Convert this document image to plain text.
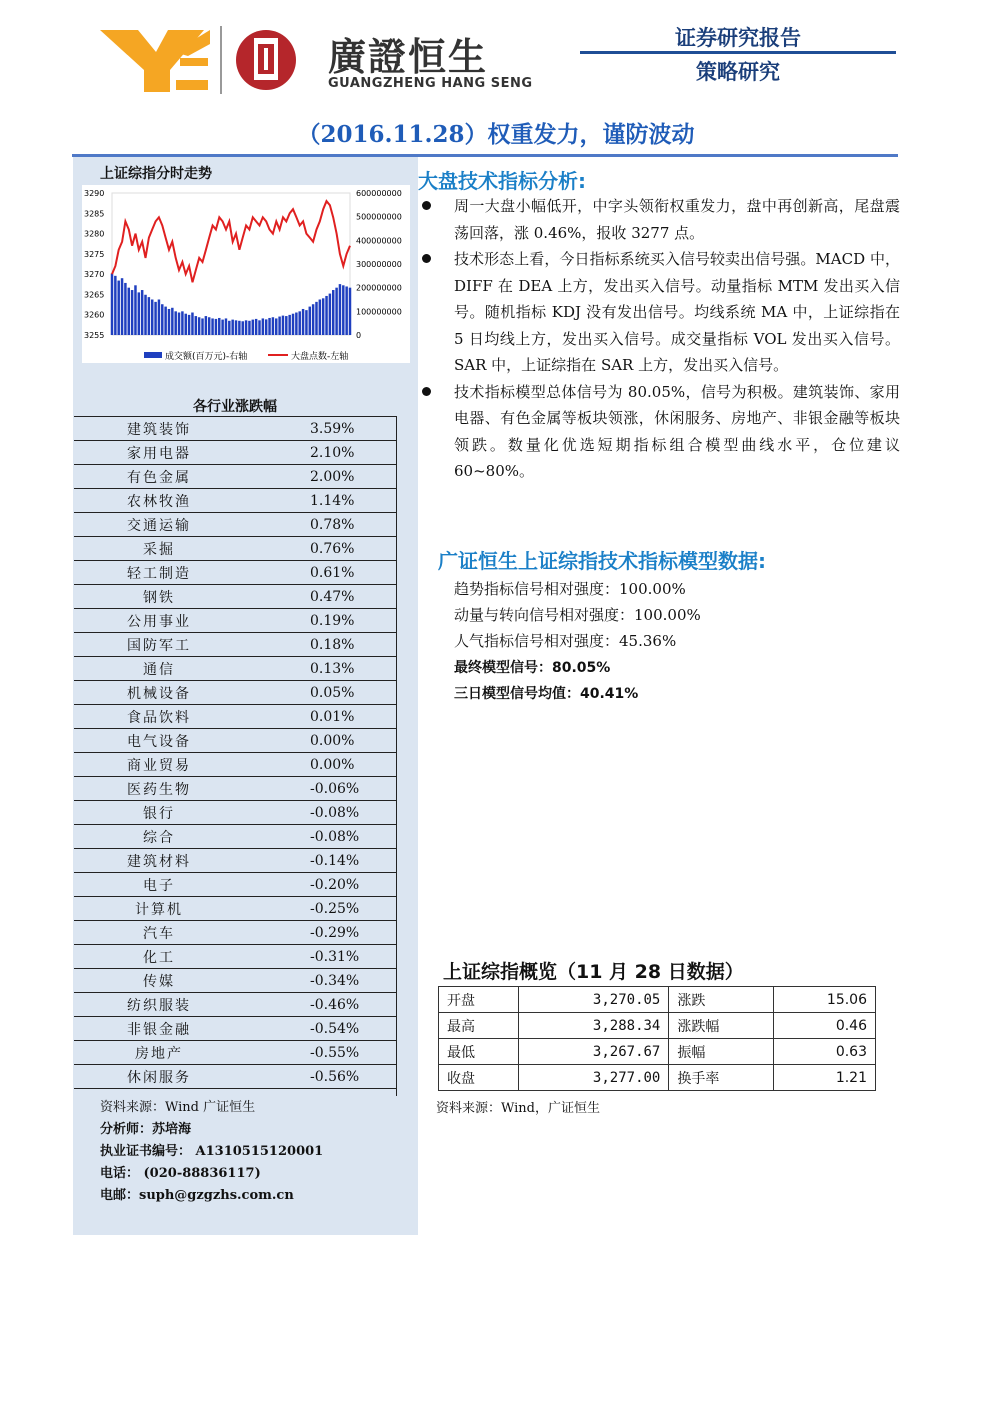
廣證恒生
GUANGZHENG HANG SENG
证券研究报告
策略研究
（2016.11.28）权重发力，谨防波动
上证综指分时走势
3290
3285
3280
3275
3270
3265
3260
3255
600000000
500000000
400000000
300000000
200000000
100000000
0
成交额(百万元)-右轴	大盘点数-左轴
各行业涨跌幅
建筑装饰	3.59%
家用电器	2.10%
有色金属	2.00%
农林牧渔	1.14%
交通运输	0.78%
采掘	0.76%
轻工制造	0.61%
钢铁	0.47%
公用事业	0.19%
国防军工	0.18%
通信	0.13%
机械设备	0.05%
食品饮料	0.01%
电气设备	0.00%
商业贸易	0.00%
医药生物	-0.06%
银行	-0.08%
综合	-0.08%
建筑材料	-0.14%
电子	-0.20%
计算机	-0.25%
汽车	-0.29%
化工	-0.31%
传媒	-0.34%
纺织服装	-0.46%
非银金融	-0.54%
房地产	-0.55%
休闲服务	-0.56%
资料来源：Wind 广证恒生
分析师：苏培海
执业证书编号： A1310515120001
电话： (020-88836117)
电邮：suph@gzgzhs.com.cn
大盘技术指标分析:
周一大盘小幅低开，中字头领衔权重发力，盘中再创新高，尾盘震荡回落，涨 0.46%，报收 3277 点。
技术形态上看，今日指标系统买入信号较卖出信号强。MACD 中，DIFF 在 DEA 上方，发出买入信号。动量指标 MTM 发出买入信号。随机指标 KDJ 没有发出信号。均线系统 MA 中，上证综指在 5 日均线上方，发出买入信号。成交量指标 VOL 发出买入信号。SAR 中，上证综指在 SAR 上方，发出买入信号。
技术指标模型总体信号为 80.05%，信号为积极。建筑装饰、家用电器、有色金属等板块领涨，休闲服务、房地产、非银金融等板块领跌。数量化优选短期指标组合模型曲线水平，仓位建议 60~80%。
广证恒生上证综指技术指标模型数据:
趋势指标信号相对强度：100.00%
动量与转向信号相对强度：100.00%
人气指标信号相对强度：45.36%
最终模型信号：80.05%
三日模型信号均值：40.41%
上证综指概览（11 月 28 日数据）
开盘	3,270.05	涨跌	15.06
最高	3,288.34	涨跌幅	0.46
最低	3,267.67	振幅	0.63
收盘	3,277.00	换手率	1.21
资料来源：Wind，广证恒生
